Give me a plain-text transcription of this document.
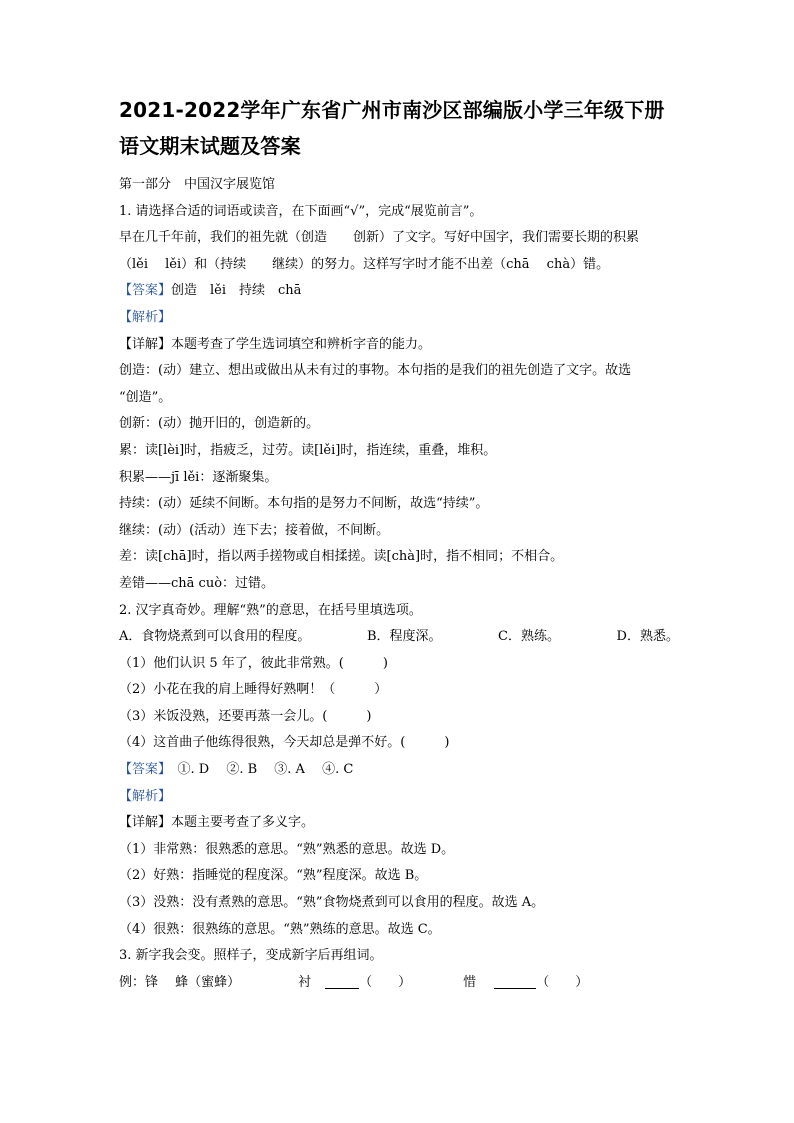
2021-2022学年广东省广州市南沙区部编版小学三年级下册
语文期末试题及答案
第一部分　中国汉字展览馆
1. 请选择合适的词语或读音，在下面画“√”，完成“展览前言”。
早在几千年前，我们的祖先就（创造　　创新）了文字。写好中国字，我们需要长期的积累
（lěi　 lěi）和（持续　　继续）的努力。这样写字时才能不出差（chā　 chà）错。
【答案】创造　lěi　持续　chā
【解析】
【详解】本题考查了学生选词填空和辨析字音的能力。
创造：(动）建立、想出或做出从未有过的事物。本句指的是我们的祖先创造了文字。故选
“创造”。
创新：(动）抛开旧的，创造新的。
累：读[lèi]时，指疲乏，过劳。读[lěi]时，指连续，重叠，堆积。
积累——jī lěi：逐渐聚集。
持续：(动）延续不间断。本句指的是努力不间断，故选“持续”。
继续：(动）(活动）连下去；接着做，不间断。
差：读[chā]时，指以两手搓物或自相揉搓。读[chà]时，指不相同；不相合。
差错——chā cuò：过错。
2. 汉字真奇妙。理解“熟”的意思，在括号里填选项。
A．食物烧煮到可以食用的程度。	B．程度深。	C．熟练。	D．熟悉。
（1）他们认识 5 年了，彼此非常熟。(　　　)
（2）小花在我的肩上睡得好熟啊！（　　　）
（3）米饭没熟，还要再蒸一会儿。(　　　)
（4）这首曲子他练得很熟，今天却总是弹不好。(　　　)
【答案】　①. D　 ②. B　 ③. A　 ④. C
【解析】
【详解】本题主要考查了多义字。
（1）非常熟：很熟悉的意思。“熟”熟悉的意思。故选 D。
（2）好熟：指睡觉的程度深。“熟”程度深。故选 B。
（3）没熟：没有煮熟的意思。“熟”食物烧煮到可以食用的程度。故选 A。
（4）很熟：很熟练的意思。“熟”熟练的意思。故选 C。
3. 新字我会变。照样子，变成新字后再组词。
例：锋　 蜂（蜜蜂）	衬	（　　）	惜	（　　）
